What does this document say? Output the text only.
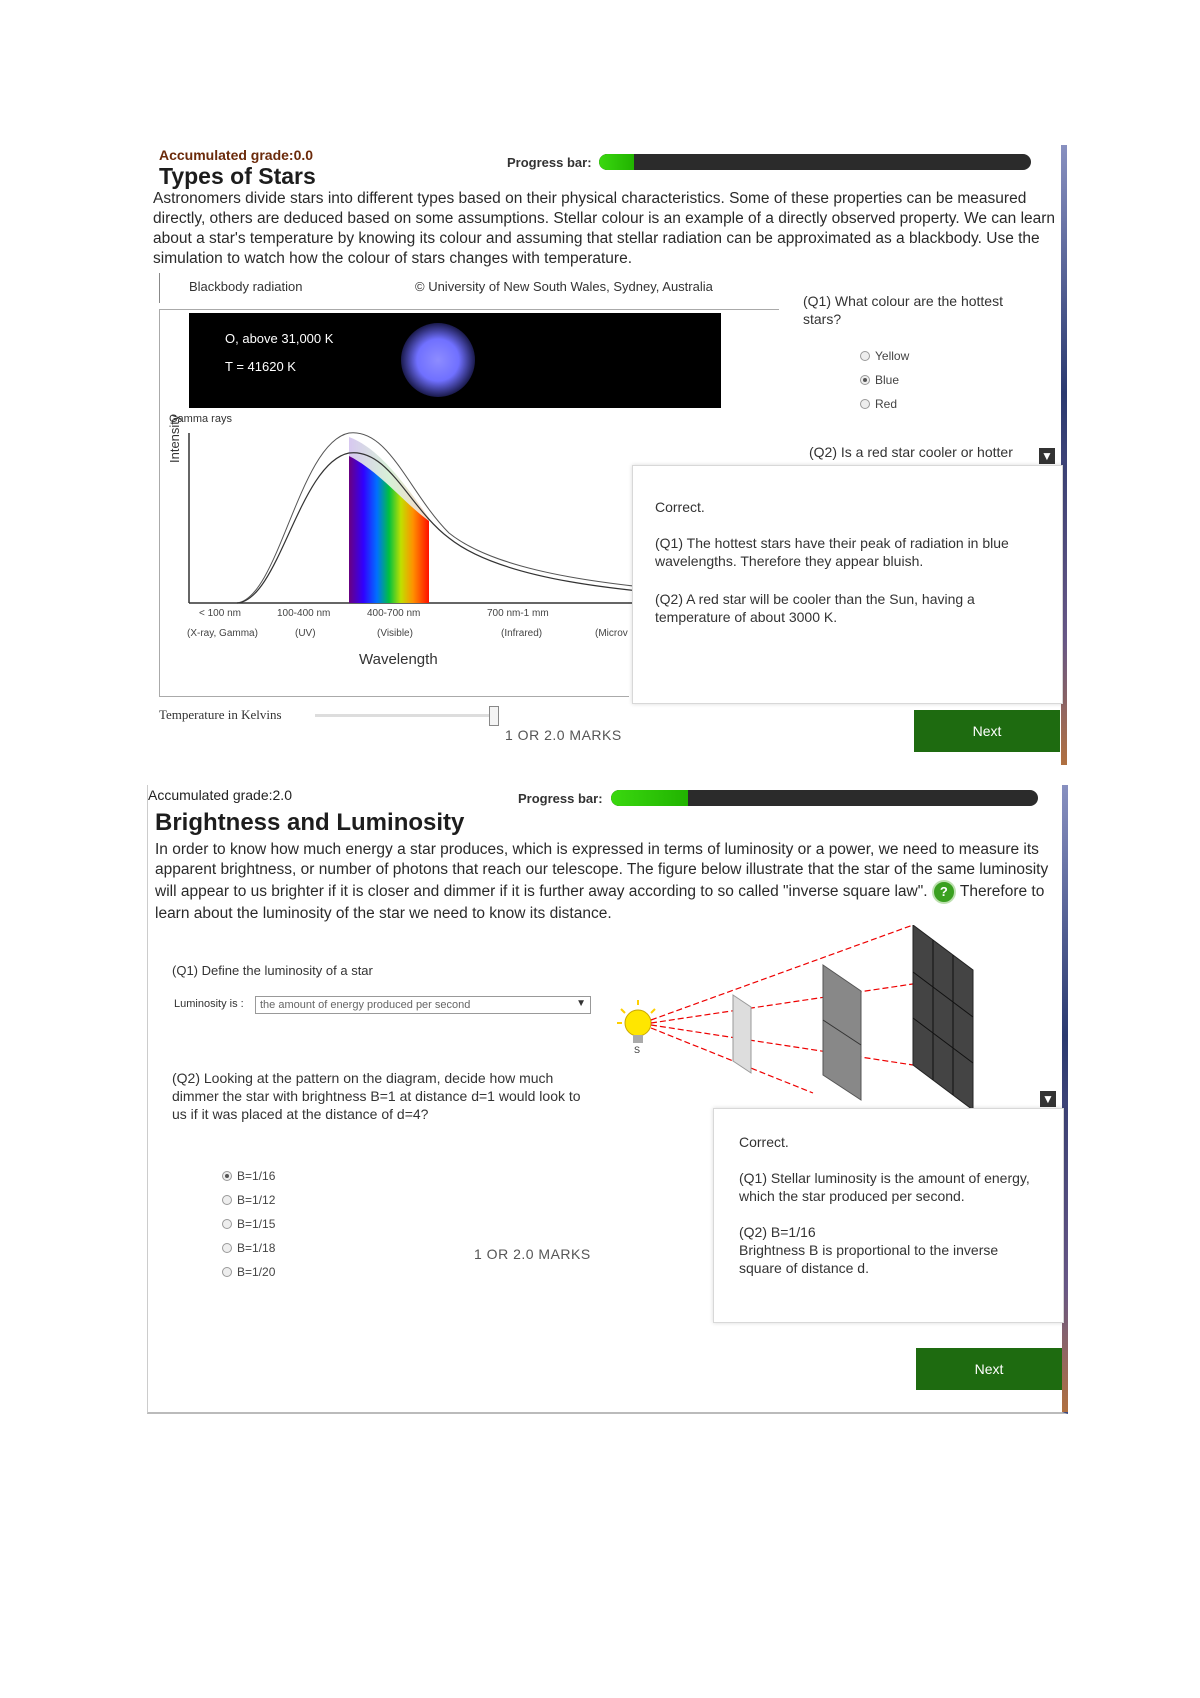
Accumulated grade:0.0	Progress bar:
Types of Stars
Astronomers divide stars into different types based on their physical characteristics. Some of these properties can be measured directly, others are deduced based on some assumptions. Stellar colour is an example of a directly observed property. We can learn about a star's temperature by knowing its colour and assuming that stellar radiation can be approximated as a blackbody. Use the simulation to watch how the colour of stars changes with temperature.
Blackbody radiation	© University of New South Wales, Sydney, Australia
O, above 31,000 K
T = 41620 K
Gamma rays
Intensity
< 100 nm
(X-ray, Gamma)
100-400 nm
(UV)
400-700 nm
(Visible)
700 nm-1 mm
(Infrared)	(Microv
Wavelength
Temperature in Kelvins
(Q1) What colour are the hottest stars?
Yellow
Blue
Red
(Q2) Is a red star cooler or hotter ▼

Correct.

(Q1) The hottest stars have their peak of radiation in blue wavelengths. Therefore they appear bluish.

(Q2) A red star will be cooler than the Sun, having a temperature of about 3000 K.

1 OR 2.0 MARKS	Next
Accumulated grade:2.0	Progress bar:
Brightness and Luminosity
In order to know how much energy a star produces, which is expressed in terms of luminosity or a power, we need to measure its apparent brightness, or number of photons that reach our telescope. The figure below illustrate that the star of the same luminosity will appear to us brighter if it is closer and dimmer if it is further away according to so called "inverse square law". ? Therefore to learn about the luminosity of the star we need to know its distance.
(Q1) Define the luminosity of a star
Luminosity is : the amount of energy produced per second	▼
(Q2) Looking at the pattern on the diagram, decide how much dimmer the star with brightness B=1 at distance d=1 would look to us if it was placed at the distance of d=4?
B=1/16
B=1/12
B=1/15
B=1/18
B=1/20
S
▼

Correct.

(Q1) Stellar luminosity is the amount of energy, which the star produced per second.

(Q2) B=1/16

Brightness B is proportional to the inverse square of distance d.

1 OR 2.0 MARKS
Next
